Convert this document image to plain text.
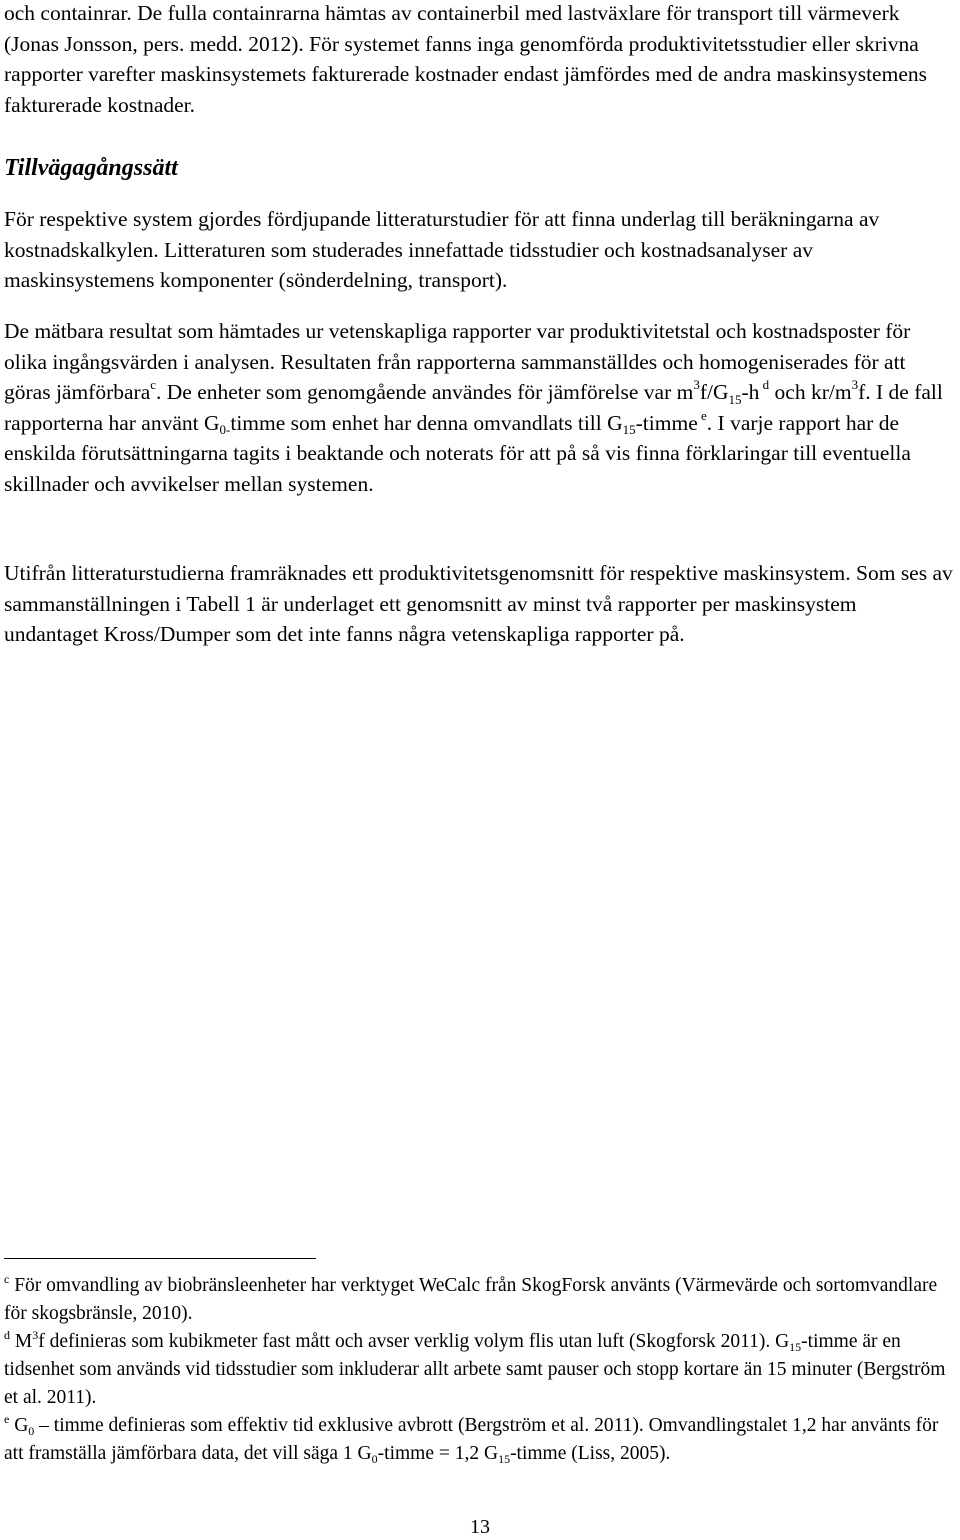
och containrar. De fulla containrarna hämtas av containerbil med lastväxlare för transport till värmeverk (Jonas Jonsson, pers. medd. 2012). För systemet fanns inga genomförda produktivitetsstudier eller skrivna rapporter varefter maskinsystemets fakturerade kostnader endast jämfördes med de andra maskinsystemens fakturerade kostnader.

Tillvägagångssätt

För respektive system gjordes fördjupande litteraturstudier för att finna underlag till beräkningarna av kostnadskalkylen. Litteraturen som studerades innefattade tidsstudier och kostnadsanalyser av maskinsystemens komponenter (sönderdelning, transport).

De mätbara resultat som hämtades ur vetenskapliga rapporter var produktivitetstal och kostnadsposter för olika ingångsvärden i analysen. Resultaten från rapporterna sammanställdes och homogeniserades för att göras jämförbara$^c$. De enheter som genomgående användes för jämförelse var $m^3f/G_{15}-h$ $^d$ och $kr/m^3f$. I de fall rapporterna har använt $G_{0-}timme$ som enhet har denna omvandlats till $G_{15}$-timme $^e$. I varje rapport har de enskilda förutsättningarna tagits i beaktande och noterats för att på så vis finna förklaringar till eventuella skillnader och avvikelser mellan systemen.

Utifrån litteraturstudierna framräknades ett produktivitetsgenomsnitt för respektive maskinsystem. Som ses av sammanställningen i Tabell 1 är underlaget ett genomsnitt av minst två rapporter per maskinsystem undantaget Kross/Dumper som det inte fanns några vetenskapliga rapporter på.

$^c$ För omvandling av biobränsleenheter har verktyget WeCalc från SkogForsk använts (Värmevärde och sortomvandlare för skogsbränsle, 2010).

$^d$ $M^3f$ definieras som kubikmeter fast mått och avser verklig volym flis utan luft (Skogforsk 2011). $G_{15}$-timme är en tidsenhet som används vid tidsstudier som inkluderar allt arbete samt pauser och stopp kortare än 15 minuter (Bergström et al. 2011).

$^e$ $G_0$ – timme definieras som effektiv tid exklusive avbrott (Bergström et al. 2011). Omvandlingstalet 1,2 har använts för att framställa jämförbara data, det vill säga 1 $G_0$-timme = 1,2 $G_{15}$-timme (Liss, 2005).

13
